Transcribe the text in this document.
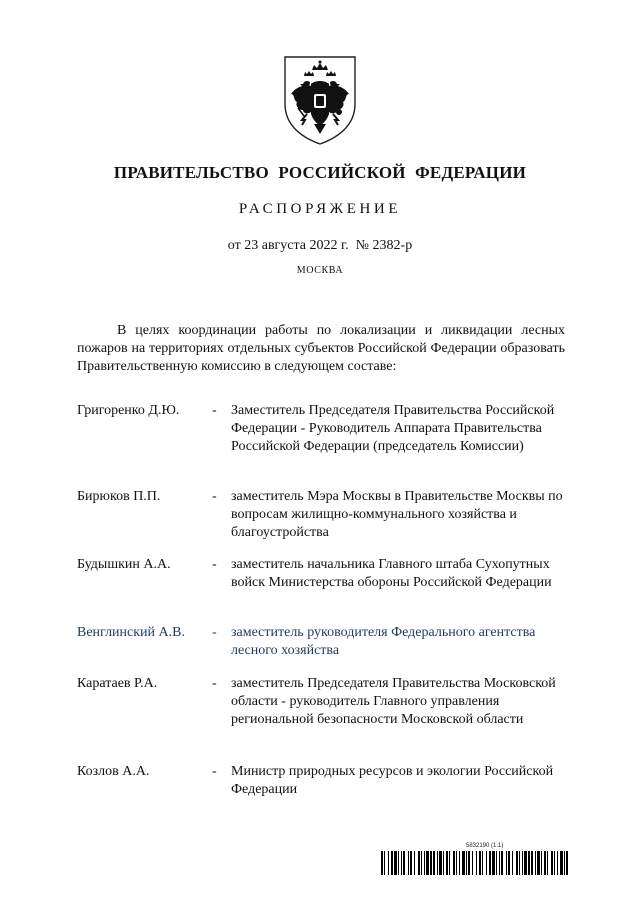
ПРАВИТЕЛЬСТВО РОССИЙСКОЙ ФЕДЕРАЦИИ
РАСПОРЯЖЕНИЕ
от 23 августа 2022 г.  № 2382-р
МОСКВА
В целях координации работы по локализации и ликвидации лесных пожаров на территориях отдельных субъектов Российской Федерации образовать Правительственную комиссию в следующем составе:
Григоренко Д.Ю. - Заместитель Председателя Правительства Российской Федерации - Руководитель Аппарата Правительства Российской Федерации (председатель Комиссии)
Бирюков П.П.	- заместитель Мэра Москвы в Правительстве Москвы по вопросам жилищно-коммунального хозяйства и благоустройства
Будышкин А.А.	- заместитель начальника Главного штаба Сухопутных войск Министерства обороны Российской Федерации
Венглинский А.В. - заместитель руководителя Федерального агентства лесного хозяйства
Каратаев Р.А.	- заместитель Председателя Правительства Московской области - руководитель Главного управления региональной безопасности Московской области
Козлов А.А.	- Министр природных ресурсов и экологии Российской Федерации
5832190 (1.1)
